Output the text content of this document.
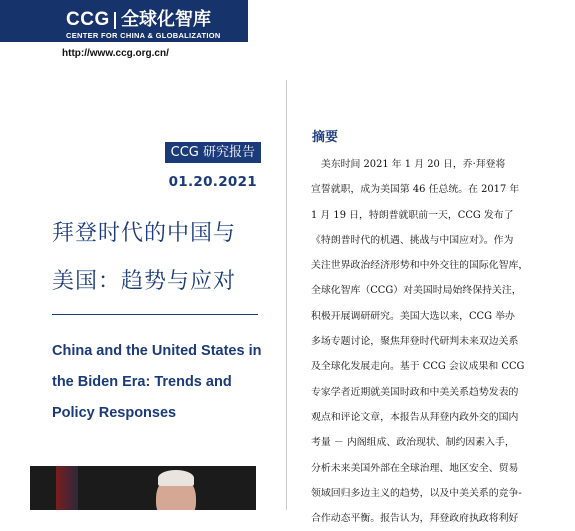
CCG 全球化智库
CENTER FOR CHINA & GLOBALIZATION
http://www.ccg.org.cn/
CCG 研究报告
01.20.2021
拜登时代的中国与
美国：趋势与应对
China and the United States in
the Biden Era: Trends and
Policy Responses
摘要
　美东时间 2021 年 1 月 20 日，乔·拜登将
宣誓就职，成为美国第 46 任总统。在 2017 年
1 月 19 日，特朗普就职前一天，CCG 发布了
《特朗普时代的机遇、挑战与中国应对》。作为
关注世界政治经济形势和中外交往的国际化智库，
全球化智库（CCG）对美国时局始终保持关注，
积极开展调研研究。美国大选以来，CCG 举办
多场专题讨论，聚焦拜登时代研判未来双边关系
及全球化发展走向。基于 CCG 会议成果和 CCG
专家学者近期就美国时政和中美关系趋势发表的
观点和评论文章，本报告从拜登内政外交的国内
考量 － 内阁组成、政治现状、制约因素入手，
分析未来美国外部在全球治理、地区安全、贸易
领域回归多边主义的趋势，以及中美关系的竞争-
合作动态平衡。报告认为，拜登政府执政将利好
